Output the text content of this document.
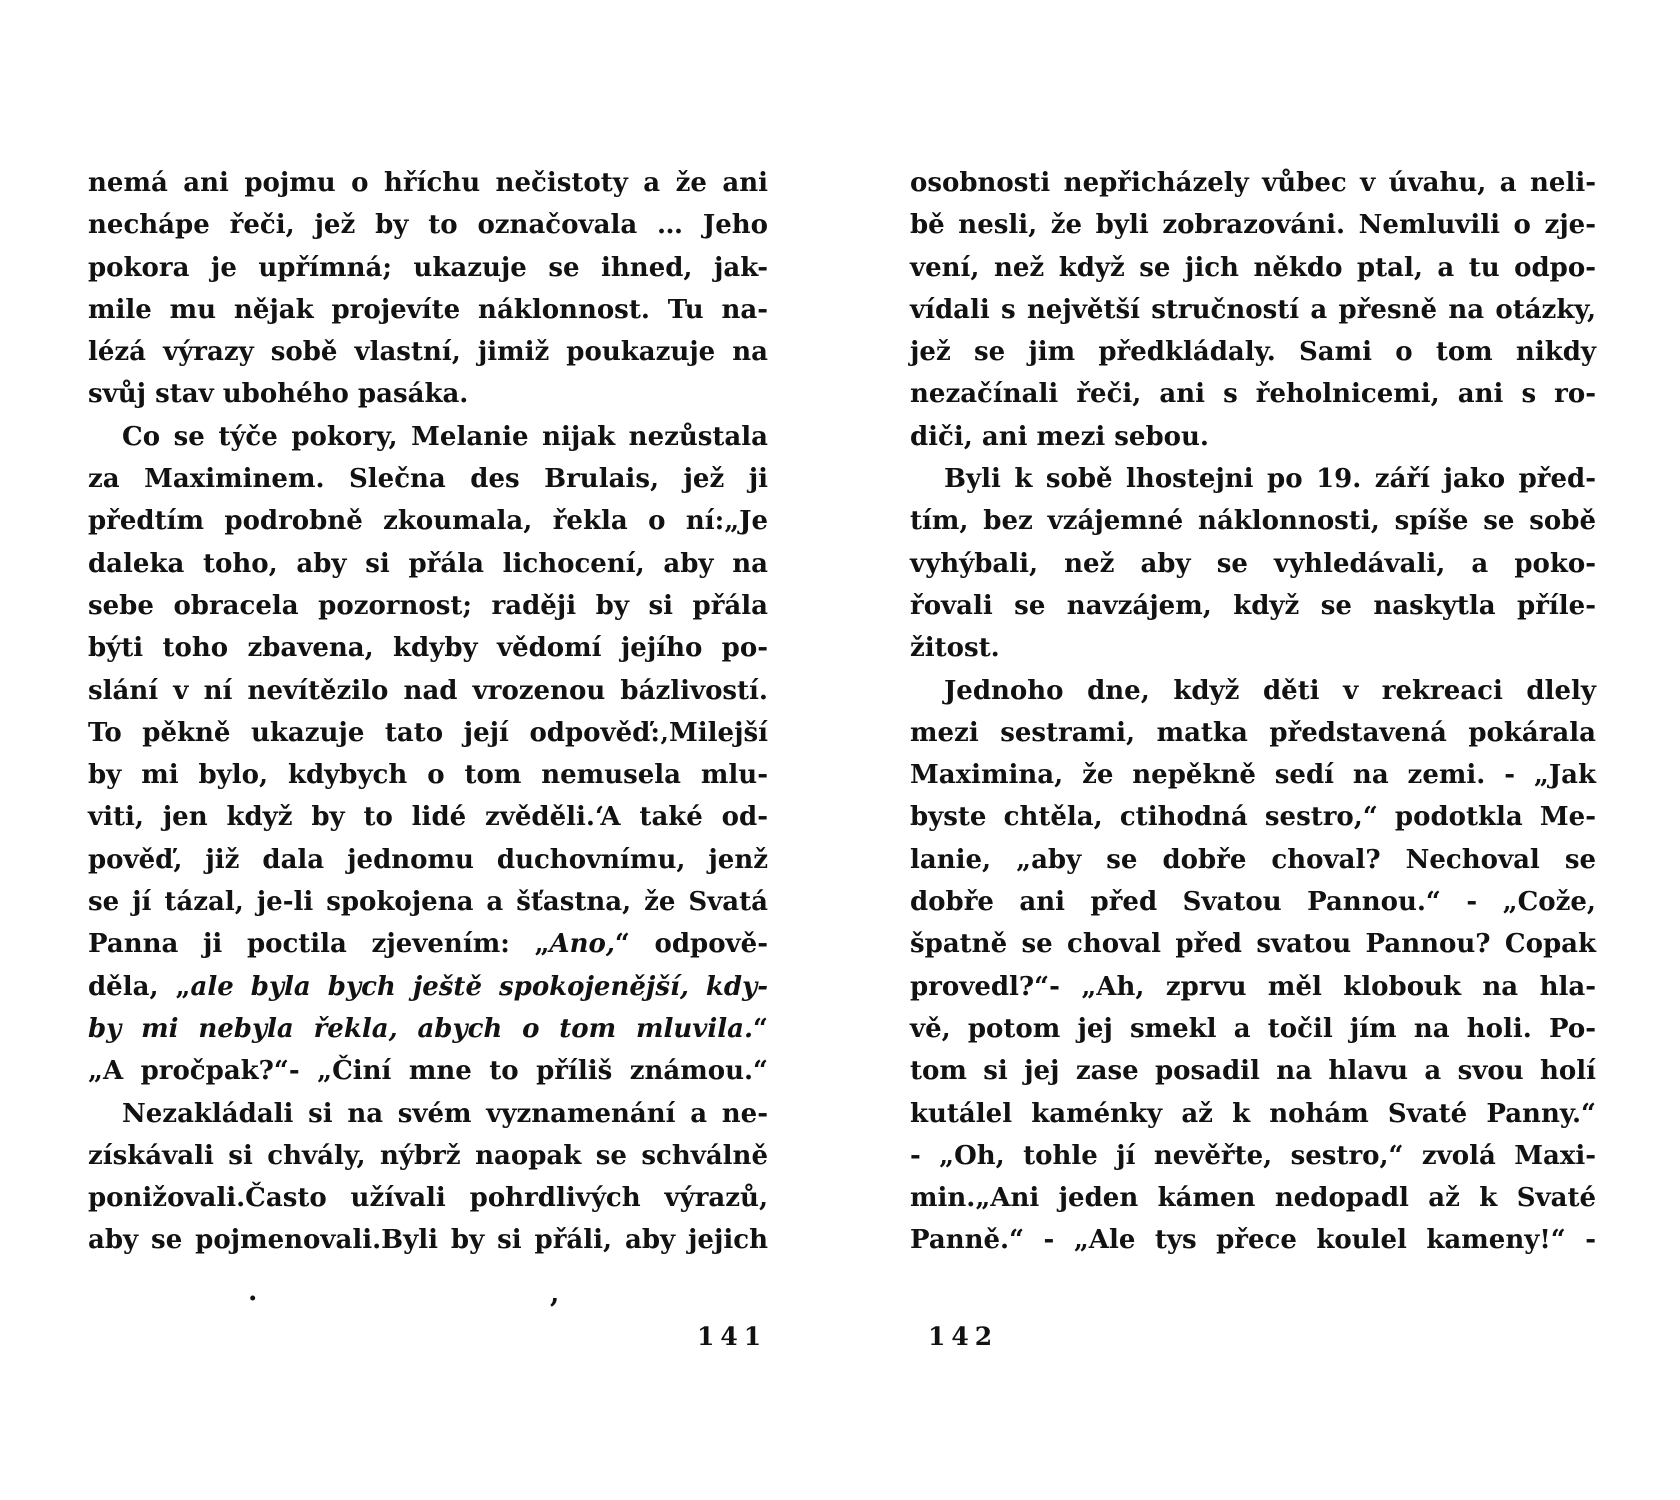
nemá ani pojmu o hříchu nečistoty a že ani
nechápe řeči, jež by to označovala … Jeho
pokora je upřímná; ukazuje se ihned, jak-
mile mu nějak projevíte náklonnost. Tu na-
lézá výrazy sobě vlastní, jimiž poukazuje na
svůj stav ubohého pasáka.
Co se týče pokory, Melanie nijak nezůstala
za Maximinem. Slečna des Brulais, jež ji
předtím podrobně zkoumala, řekla o ní:„Je
daleka toho, aby si přála lichocení, aby na
sebe obracela pozornost; raději by si přála
býti toho zbavena, kdyby vědomí jejího po-
slání v ní nevítězilo nad vrozenou bázlivostí.
To pěkně ukazuje tato její odpověď:‚Milejší
by mi bylo, kdybych o tom nemusela mlu-
viti, jen když by to lidé zvěděli.‘A také od-
pověď, již dala jednomu duchovnímu, jenž
se jí tázal, je-li spokojena a šťastna, že Svatá
Panna ji poctila zjevením: „Ano,“ odpově-
děla, „ale byla bych ještě spokojenější, kdy-
by mi nebyla řekla, abych o tom mluvila.“
„A pročpak?“- „Činí mne to příliš známou.“
Nezakládali si na svém vyznamenání a ne-
získávali si chvály, nýbrž naopak se schválně
ponižovali.Často užívali pohrdlivých výrazů,
aby se pojmenovali.Byli by si přáli, aby jejich
141
osobnosti nepřicházely vůbec v úvahu, a neli-
bě nesli, že byli zobrazováni. Nemluvili o zje-
vení, než když se jich někdo ptal, a tu odpo-
vídali s největší stručností a přesně na otázky,
jež se jim předkládaly. Sami o tom nikdy
nezačínali řeči, ani s řeholnicemi, ani s ro-
diči, ani mezi sebou.
Byli k sobě lhostejni po 19. září jako před-
tím, bez vzájemné náklonnosti, spíše se sobě
vyhýbali, než aby se vyhledávali, a poko-
řovali se navzájem, když se naskytla příle-
žitost.
Jednoho dne, když děti v rekreaci dlely
mezi sestrami, matka představená pokárala
Maximina, že nepěkně sedí na zemi. - „Jak
byste chtěla, ctihodná sestro,“ podotkla Me-
lanie, „aby se dobře choval? Nechoval se
dobře ani před Svatou Pannou.“ - „Cože,
špatně se choval před svatou Pannou? Copak
provedl?“- „Ah, zprvu měl klobouk na hla-
vě, potom jej smekl a točil jím na holi. Po-
tom si jej zase posadil na hlavu a svou holí
kutálel kaménky až k nohám Svaté Panny.“
- „Oh, tohle jí nevěřte, sestro,“ zvolá Maxi-
min.„Ani jeden kámen nedopadl až k Svaté
Panně.“ - „Ale tys přece koulel kameny!“ -
142
.	,
